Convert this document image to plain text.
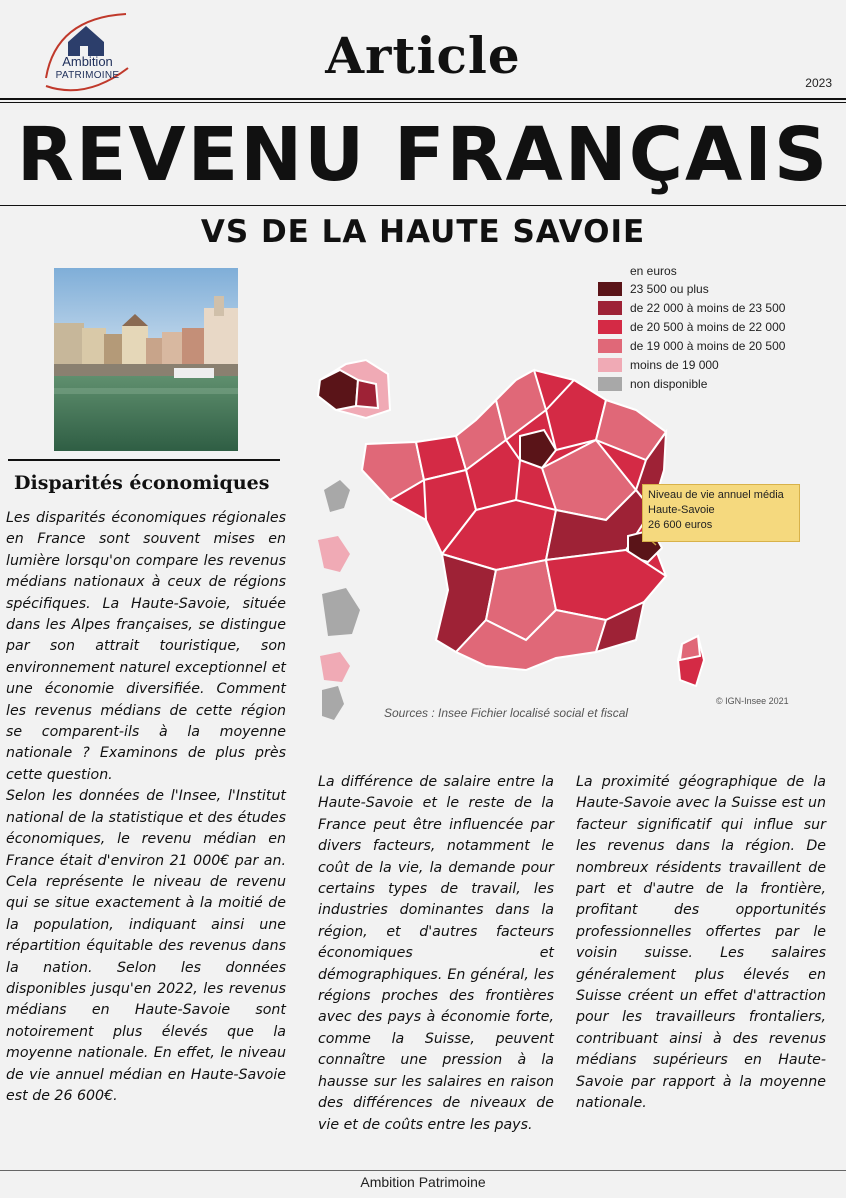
Ambition
PATRIMOINE	Article	2023
REVENU FRANÇAIS
VS DE LA HAUTE SAVOIE
Disparités économiques
Les disparités économiques régionales en France sont souvent mises en lumière lorsqu'on compare les revenus médians nationaux à ceux de régions spécifiques. La Haute-Savoie, située dans les Alpes françaises, se distingue par son attrait touristique, son environnement naturel exceptionnel et une économie diversifiée. Comment les revenus médians de cette région se comparent-ils à la moyenne nationale ? Examinons de plus près cette question.
Selon les données de l'Insee, l'Institut national de la statistique et des études économiques, le revenu médian en France était d'environ 21 000€ par an. Cela représente le niveau de revenu qui se situe exactement à la moitié de la population, indiquant ainsi une répartition équitable des revenus dans la nation. Selon les données disponibles jusqu'en 2022, les revenus médians en Haute-Savoie sont notoirement plus élevés que la moyenne nationale. En effet, le niveau de vie annuel médian en Haute-Savoie est de 26 600€.
en euros
23 500 ou plus
de 22 000 à moins de 23 500
de 20 500 à moins de 22 000
de 19 000 à moins de 20 500
moins de 19 000
non disponible
Niveau de vie annuel média
Haute-Savoie
26 600 euros
© IGN-Insee 2021
Sources : Insee Fichier localisé social et fiscal
La différence de salaire entre la Haute-Savoie et le reste de la France peut être influencée par divers facteurs, notamment le coût de la vie, la demande pour certains types de travail, les industries dominantes dans la région, et d'autres facteurs économiques et démographiques. En général, les régions proches des frontières avec des pays à économie forte, comme la Suisse, peuvent connaître une pression à la hausse sur les salaires en raison des différences de niveaux de vie et de coûts entre les pays.
La proximité géographique de la Haute-Savoie avec la Suisse est un facteur significatif qui influe sur les revenus dans la région. De nombreux résidents travaillent de part et d'autre de la frontière, profitant des opportunités professionnelles offertes par le voisin suisse. Les salaires généralement plus élevés en Suisse créent un effet d'attraction pour les travailleurs frontaliers, contribuant ainsi à des revenus médians supérieurs en Haute-Savoie par rapport à la moyenne nationale.
Ambition Patrimoine
